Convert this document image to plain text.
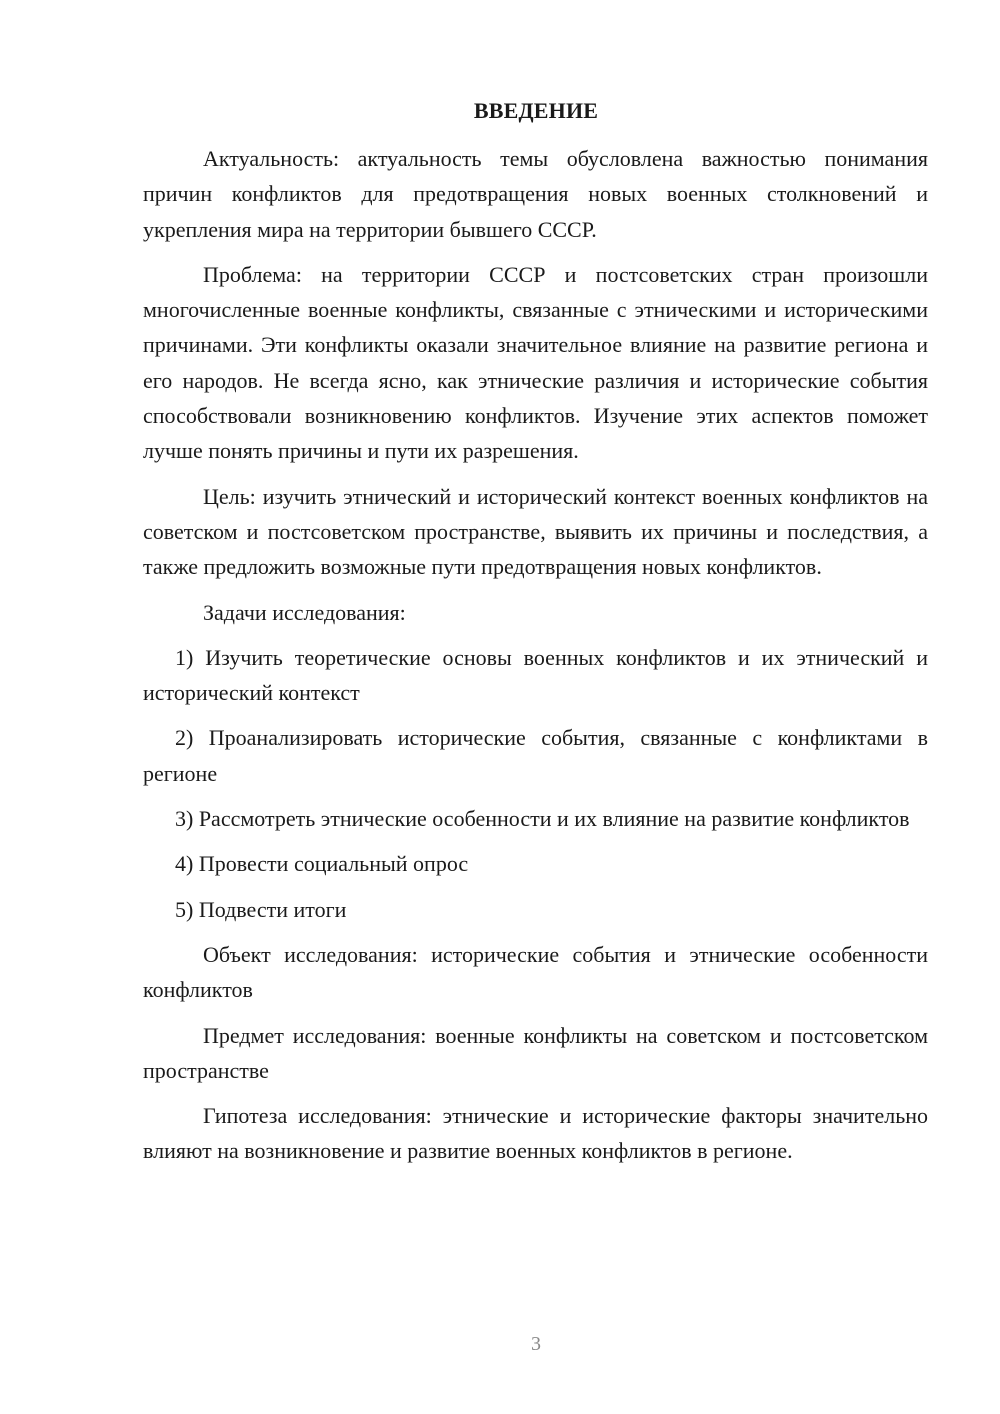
ВВЕДЕНИЕ

Актуальность: актуальность темы обусловлена важностью понимания причин конфликтов для предотвращения новых военных столкновений и укрепления мира на территории бывшего СССР.

Проблема: на территории СССР и постсоветских стран произошли многочисленные военные конфликты, связанные с этническими и историческими причинами. Эти конфликты оказали значительное влияние на развитие региона и его народов. Не всегда ясно, как этнические различия и исторические события способствовали возникновению конфликтов. Изучение этих аспектов поможет лучше понять причины и пути их разрешения.

Цель: изучить этнический и исторический контекст военных конфликтов на советском и постсоветском пространстве, выявить их причины и последствия, а также предложить возможные пути предотвращения новых конфликтов.

Задачи исследования:

1) Изучить теоретические основы военных конфликтов и их этнический и исторический контекст

2) Проанализировать исторические события, связанные с конфликтами в регионе

3) Рассмотреть этнические особенности и их влияние на развитие конфликтов

4) Провести социальный опрос

5) Подвести итоги

Объект исследования: исторические события и этнические особенности конфликтов

Предмет исследования: военные конфликты на советском и постсоветском пространстве

Гипотеза исследования: этнические и исторические факторы значительно влияют на возникновение и развитие военных конфликтов в регионе.

3
